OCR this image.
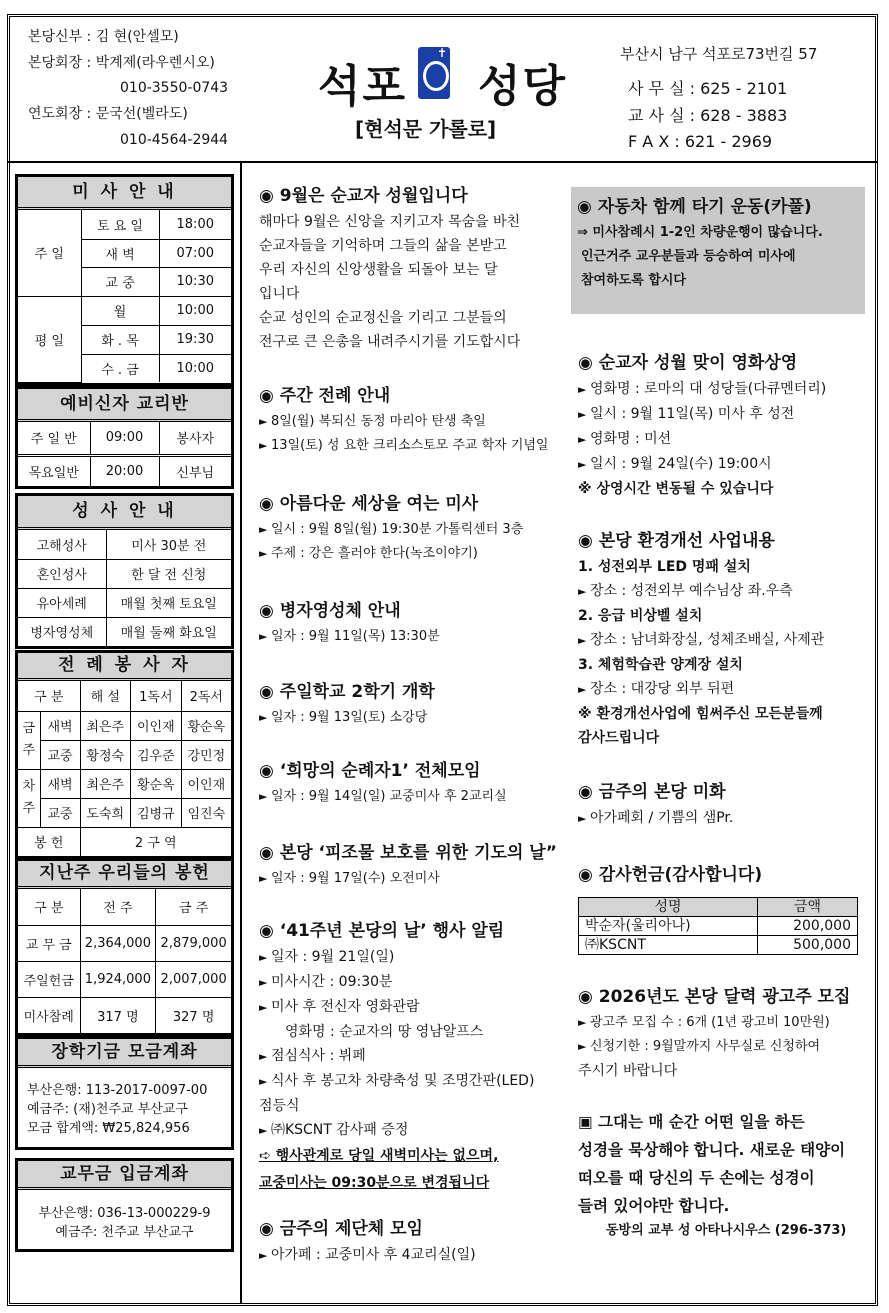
본당신부 : 김 현(안셀모)
본당회장 : 박계제(라우렌시오)
010-3550-0743
연도회장 : 문국선(벨라도)
010-4564-2944
석포 ✝ 성당
[현석문 가롤로]
부산시 남구 석포로73번길 57
사 무 실 : 625 - 2101
교 사 실 : 628 - 3883
F A X : 621 - 2969
미 사 안 내
주 일	토 요 일	18:00
	새 벽	07:00
	교 중	10:30
평 일	월	10:00
	화 . 목	19:30
	수 . 금	10:00
예비신자 교리반
주 일 반	09:00	봉사자
목요일반	20:00	신부님
성 사 안 내
고해성사	미사 30분 전
혼인성사	한 달 전 신청
유아세례	매월 첫째 토요일
병자영성체	매월 둘째 화요일
전 례 봉 사 자
구 분		해 설	1독서	2독서
금주	새벽	최은주	이인재	황순옥
	교중	황정숙	김우준	강민정
차주	새벽	최은주	황순옥	이인재
	교중	도숙희	김병규	임진숙
봉 헌		2 구 역		
지난주 우리들의 봉헌
구 분	전 주	금 주
교 무 금	2,364,000	2,879,000
주일헌금	1,924,000	2,007,000
미사참례	317 명	327 명
장학기금 모금계좌
부산은행: 113-2017-0097-00
예금주: (재)천주교 부산교구
모금 합계액: ₩25,824,956
교무금 입금계좌
부산은행: 036-13-000229-9
예금주: 천주교 부산교구
◉ 9월은 순교자 성월입니다
해마다 9월은 신앙을 지키고자 목숨을 바친
순교자들을 기억하며 그들의 삶을 본받고
우리 자신의 신앙생활을 되돌아 보는 달
입니다
순교 성인의 순교정신을 기리고 그분들의
전구로 큰 은총을 내려주시기를 기도합시다
◉ 주간 전례 안내
► 8일(월) 복되신 동정 마리아 탄생 축일
► 13일(토) 성 요한 크리소스토모 주교 학자 기념일
◉ 아름다운 세상을 여는 미사
► 일시 : 9월 8일(월) 19:30분 가톨릭센터 3층
► 주제 : 강은 흘러야 한다(녹조이야기)
◉ 병자영성체 안내
► 일자 : 9월 11일(목) 13:30분
◉ 주일학교 2학기 개학
► 일자 : 9월 13일(토) 소강당
◉ ‘희망의 순례자1’ 전체모임
► 일자 : 9월 14일(일) 교중미사 후 2교리실
◉ 본당 ‘피조물 보호를 위한 기도의 날”
► 일자 : 9월 17일(수) 오전미사
◉ ‘41주년 본당의 날’ 행사 알림
► 일자 : 9월 21일(일)
► 미사시간 : 09:30분
► 미사 후 전신자 영화관람
영화명 : 순교자의 땅 영남알프스
► 점심식사 : 뷔페
► 식사 후 봉고차 차량축성 및 조명간판(LED)
점등식
► ㈜KSCNT 감사패 증정
➪ 행사관계로 당일 새벽미사는 없으며,
교중미사는 09:30분으로 변경됩니다
◉ 금주의 제단체 모임
► 아가페 : 교중미사 후 4교리실(일)
◉ 자동차 함께 타기 운동(카풀)
⇒ 미사참례시 1-2인 차량운행이 많습니다.
인근거주 교우분들과 등승하여 미사에
참여하도록 합시다
◉ 순교자 성월 맞이 영화상영
► 영화명 : 로마의 대 성당들(다큐멘터리)
► 일시 : 9월 11일(목) 미사 후 성전
► 영화명 : 미션
► 일시 : 9월 24일(수) 19:00시
※ 상영시간 변동될 수 있습니다
◉ 본당 환경개선 사업내용
1. 성전외부 LED 명패 설치
► 장소 : 성전외부 예수님상 좌.우측
2. 응급 비상벨 설치
► 장소 : 남녀화장실, 성체조배실, 사제관
3. 체험학습관 양계장 설치
► 장소 : 대강당 외부 뒤편
※ 환경개선사업에 힘써주신 모든분들께
감사드립니다
◉ 금주의 본당 미화
► 아가페회 / 기쁨의 샘Pr.
◉ 감사헌금(감사합니다)
성명	금액
박순자(울리아나)	200,000
㈜KSCNT	500,000
◉ 2026년도 본당 달력 광고주 모집
► 광고주 모집 수 : 6개 (1년 광고비 10만원)
► 신청기한 : 9월말까지 사무실로 신청하여
주시기 바랍니다
▣ 그대는 매 순간 어떤 일을 하든
성경을 묵상해야 합니다. 새로운 태양이
떠오를 때 당신의 두 손에는 성경이
들려 있어야만 합니다.
동방의 교부 성 아타나시우스 (296-373)
